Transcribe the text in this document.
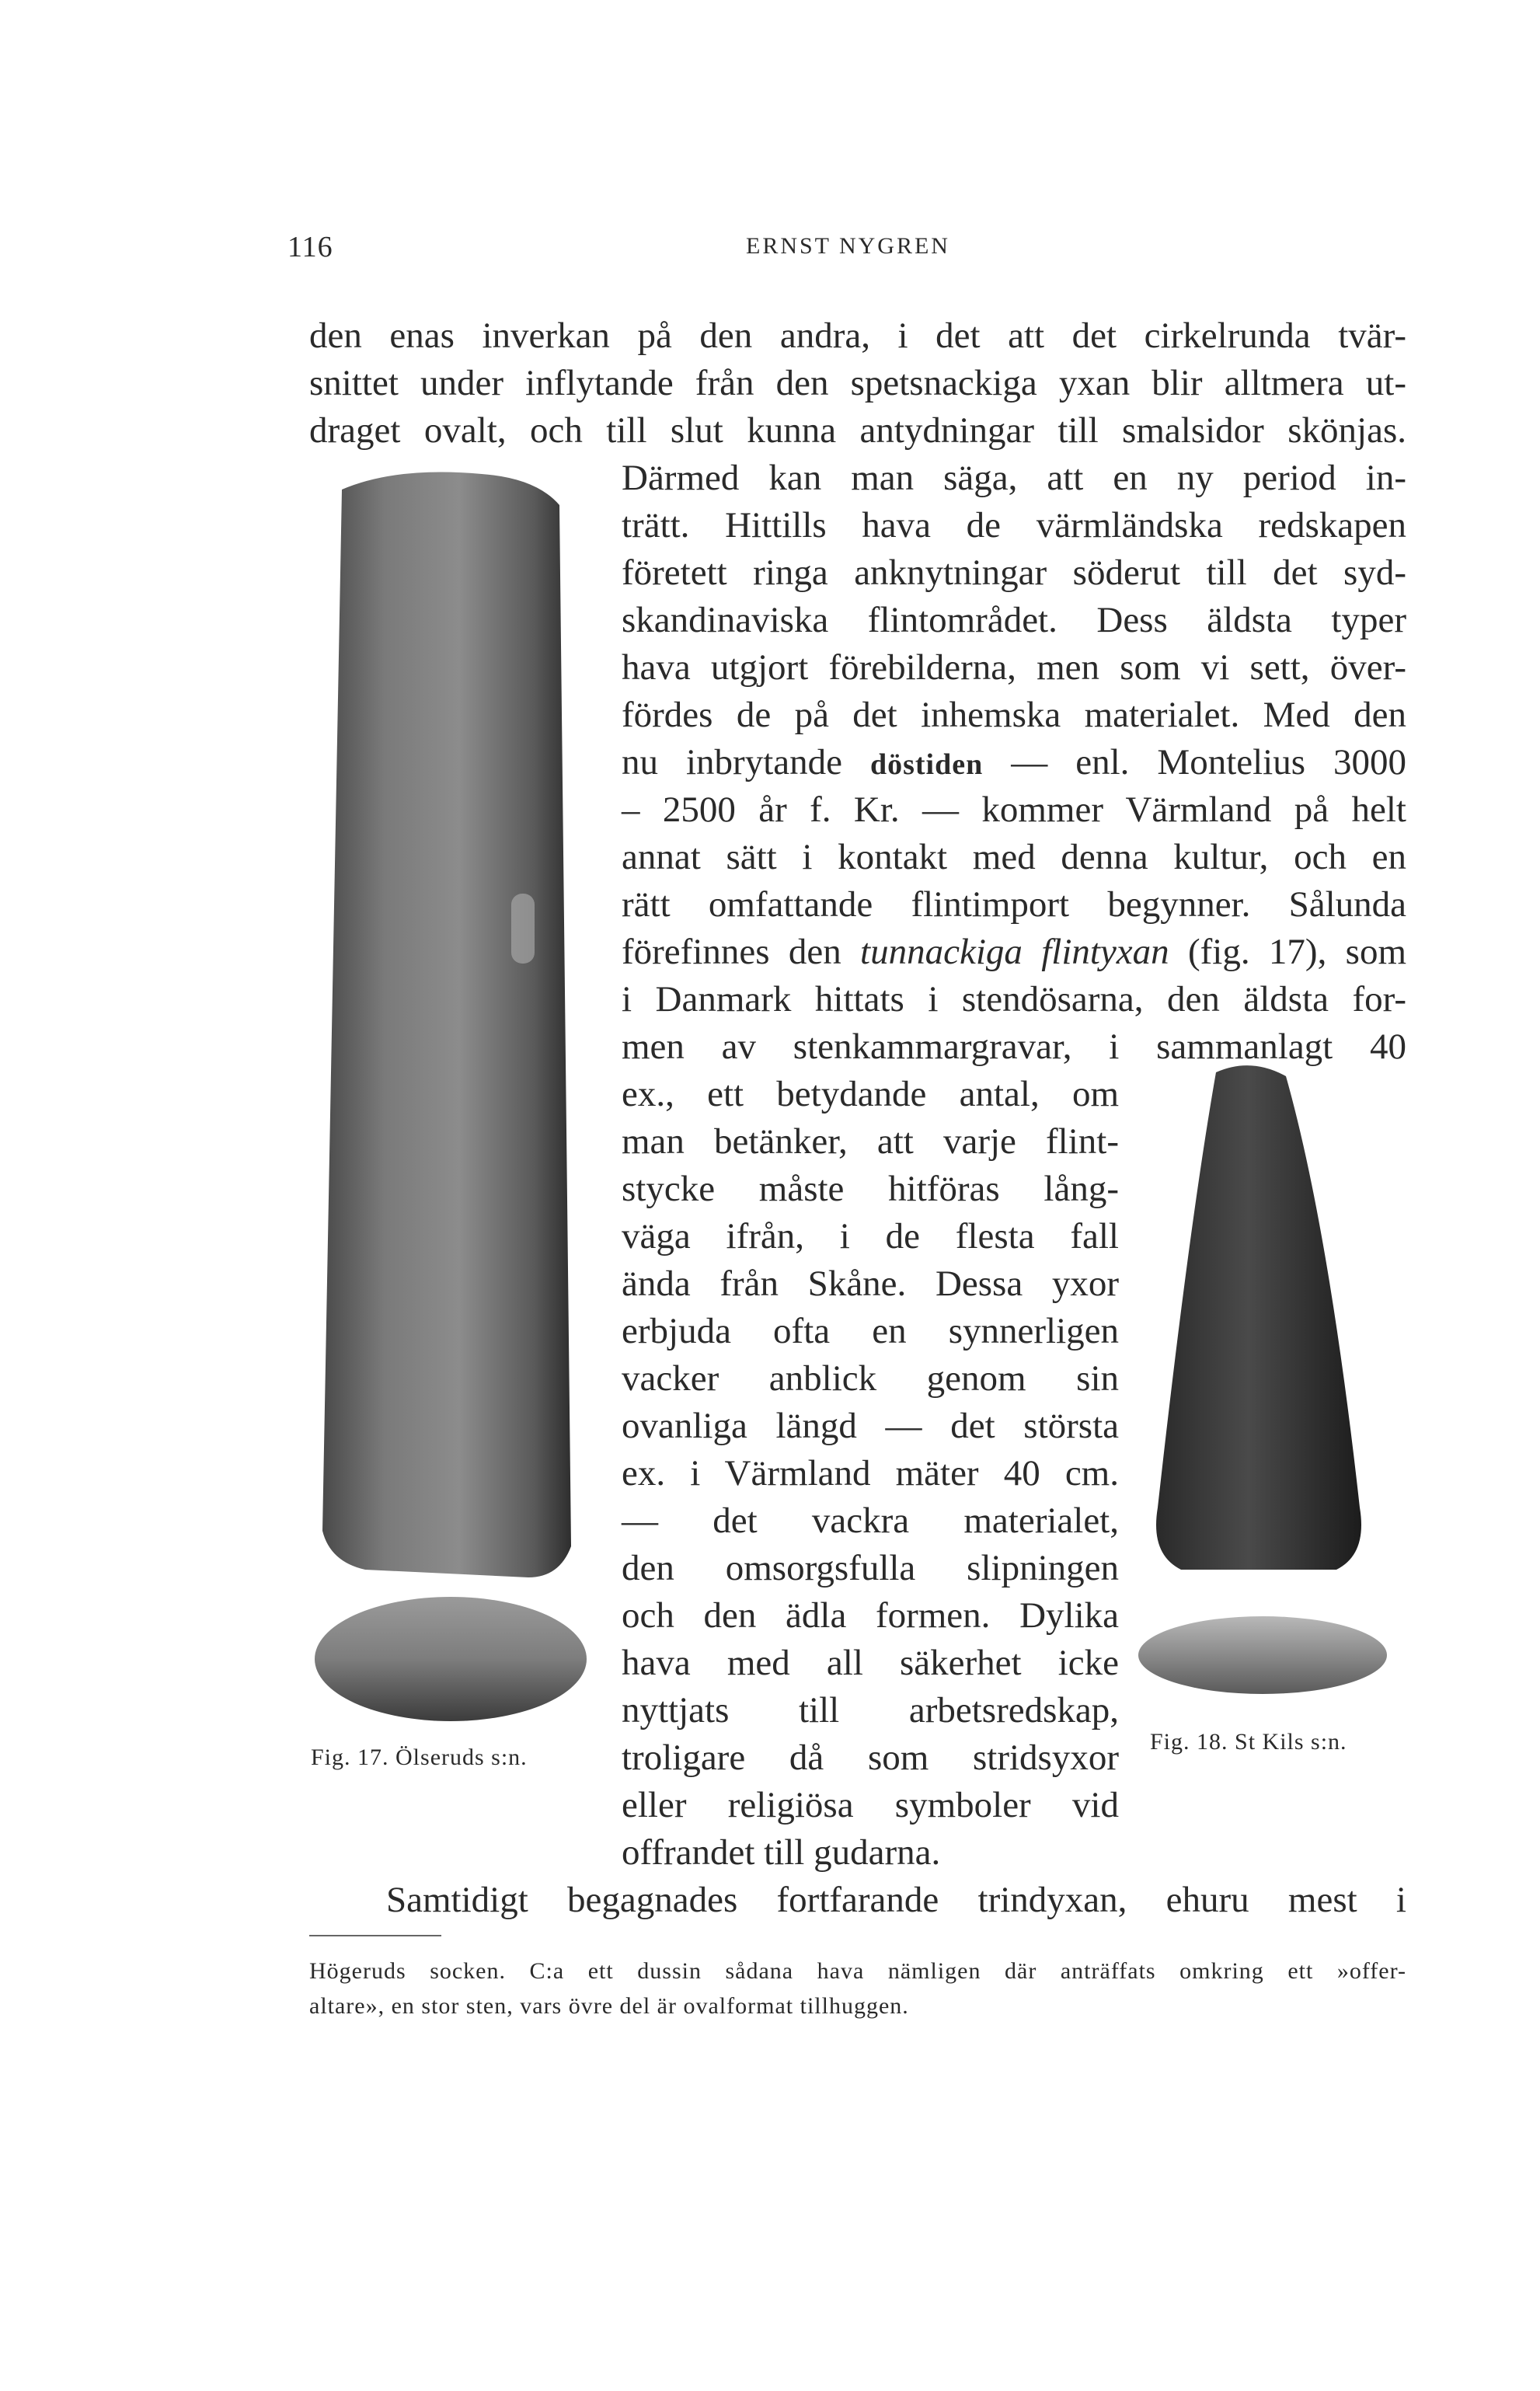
116	ERNST NYGREN
den enas inverkan på den andra, i det att det cirkelrunda tvär-
snittet under inflytande från den spetsnackiga yxan blir alltmera ut-
draget ovalt, och till slut kunna antydningar till smalsidor skönjas.
Därmed kan man säga, att en ny period in-
trätt. Hittills hava de värmländska redskapen
företett ringa anknytningar söderut till det syd-
skandinaviska flintområdet. Dess äldsta typer
hava utgjort förebilderna, men som vi sett, över-
fördes de på det inhemska materialet. Med den
nu inbrytande döstiden — enl. Montelius 3000
– 2500 år f. Kr. — kommer Värmland på helt
annat sätt i kontakt med denna kultur, och en
rätt omfattande flintimport begynner. Sålunda
förefinnes den tunnackiga flintyxan (fig. 17), som
i Danmark hittats i stendösarna, den äldsta for-
men av stenkammargravar, i sammanlagt 40
ex., ett betydande antal, om
man betänker, att varje flint-
stycke måste hitföras lång-
väga ifrån, i de flesta fall
ända från Skåne. Dessa yxor
erbjuda ofta en synnerligen
vacker anblick genom sin
ovanliga längd — det största
ex. i Värmland mäter 40 cm.
— det vackra materialet,
den omsorgsfulla slipningen
och den ädla formen. Dylika
hava med all säkerhet icke
nyttjats till arbetsredskap,
troligare då som stridsyxor
eller religiösa symboler vid
offrandet till gudarna.
Samtidigt begagnades fortfarande trindyxan, ehuru mest i
Fig. 17. Ölseruds s:n.
Fig. 18. St Kils s:n.
Högeruds socken. C:a ett dussin sådana hava nämligen där anträffats omkring ett »offer-
altare», en stor sten, vars övre del är ovalformat tillhuggen.
